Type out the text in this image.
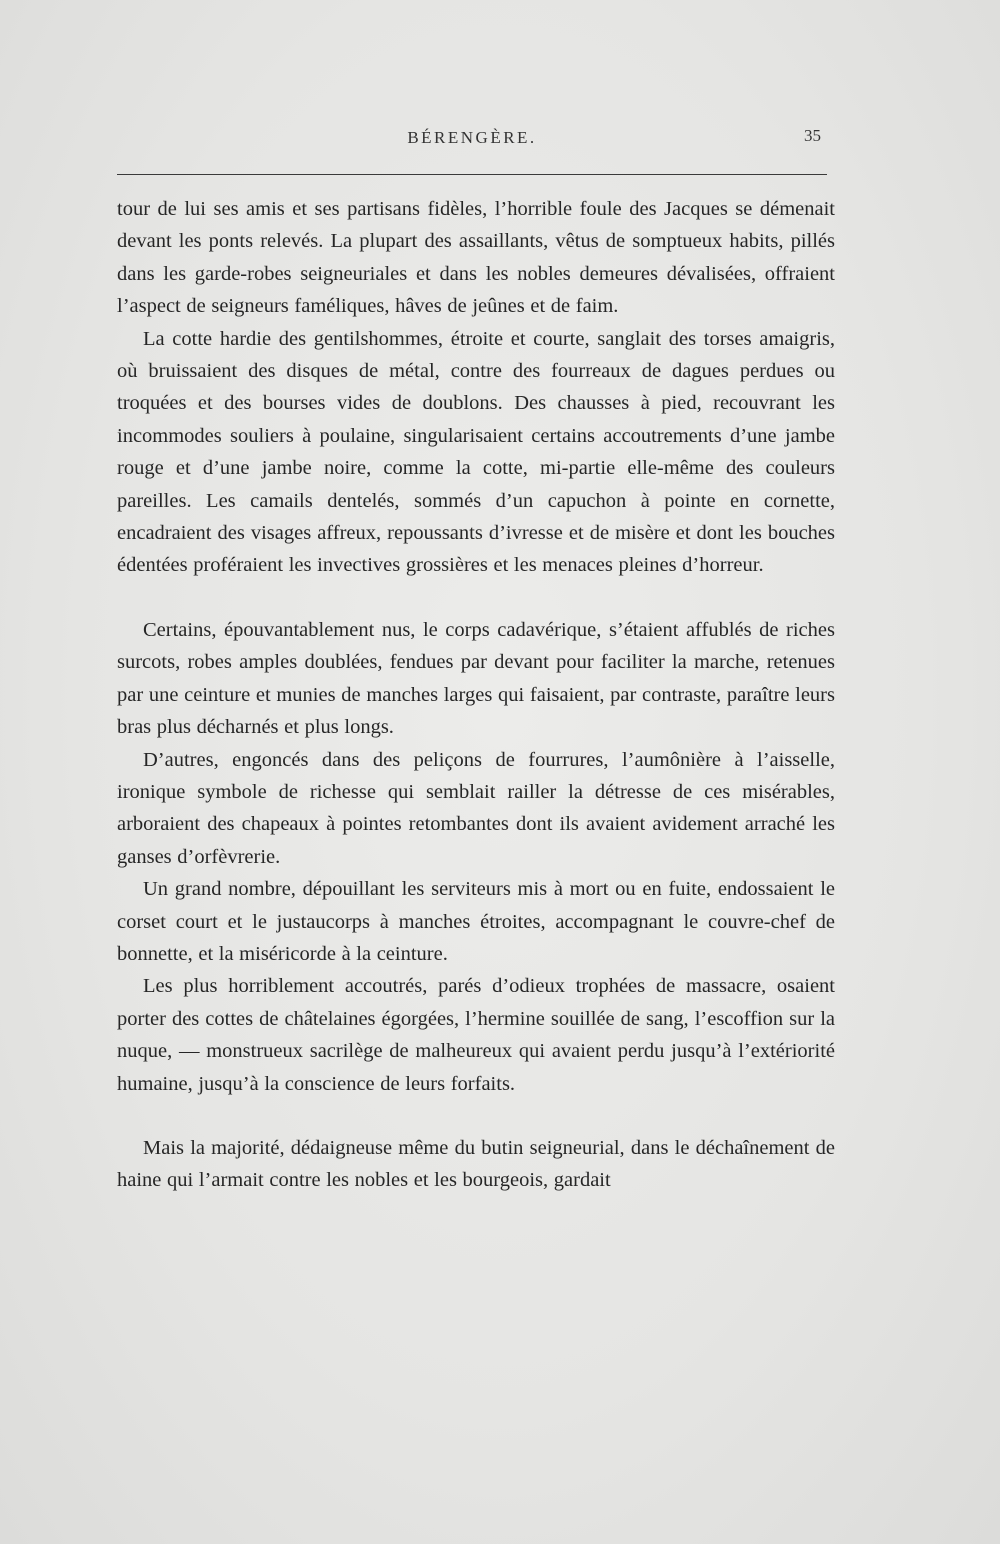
BÉRENGÈRE.	35

tour de lui ses amis et ses partisans fidèles, l’horrible foule des Jacques se démenait devant les ponts relevés. La plupart des assaillants, vêtus de somptueux habits, pillés dans les garde-robes seigneuriales et dans les nobles demeures dévalisées, offraient l’aspect de seigneurs faméliques, hâves de jeûnes et de faim.

La cotte hardie des gentilshommes, étroite et courte, sanglait des torses amaigris, où bruissaient des disques de métal, contre des fourreaux de dagues perdues ou troquées et des bourses vides de doublons. Des chausses à pied, recouvrant les incommodes souliers à poulaine, singularisaient certains accoutrements d’une jambe rouge et d’une jambe noire, comme la cotte, mi-partie elle-même des couleurs pareilles. Les camails dentelés, sommés d’un capuchon à pointe en cornette, encadraient des visages affreux, repoussants d’ivresse et de misère et dont les bouches édentées proféraient les invectives grossières et les menaces pleines d’horreur.

Certains, épouvantablement nus, le corps cadavérique, s’étaient affublés de riches surcots, robes amples doublées, fendues par devant pour faciliter la marche, retenues par une ceinture et munies de manches larges qui faisaient, par contraste, paraître leurs bras plus décharnés et plus longs.

D’autres, engoncés dans des peliçons de fourrures, l’aumônière à l’aisselle, ironique symbole de richesse qui semblait railler la détresse de ces misérables, arboraient des chapeaux à pointes retombantes dont ils avaient avidement arraché les ganses d’orfèvrerie.

Un grand nombre, dépouillant les serviteurs mis à mort ou en fuite, endossaient le corset court et le justaucorps à manches étroites, accompagnant le couvre-chef de bonnette, et la miséricorde à la ceinture.

Les plus horriblement accoutrés, parés d’odieux trophées de massacre, osaient porter des cottes de châtelaines égorgées, l’hermine souillée de sang, l’escoffion sur la nuque, — monstrueux sacrilège de malheureux qui avaient perdu jusqu’à l’extériorité humaine, jusqu’à la conscience de leurs forfaits.

Mais la majorité, dédaigneuse même du butin seigneurial, dans le déchaînement de haine qui l’armait contre les nobles et les bourgeois, gardait
